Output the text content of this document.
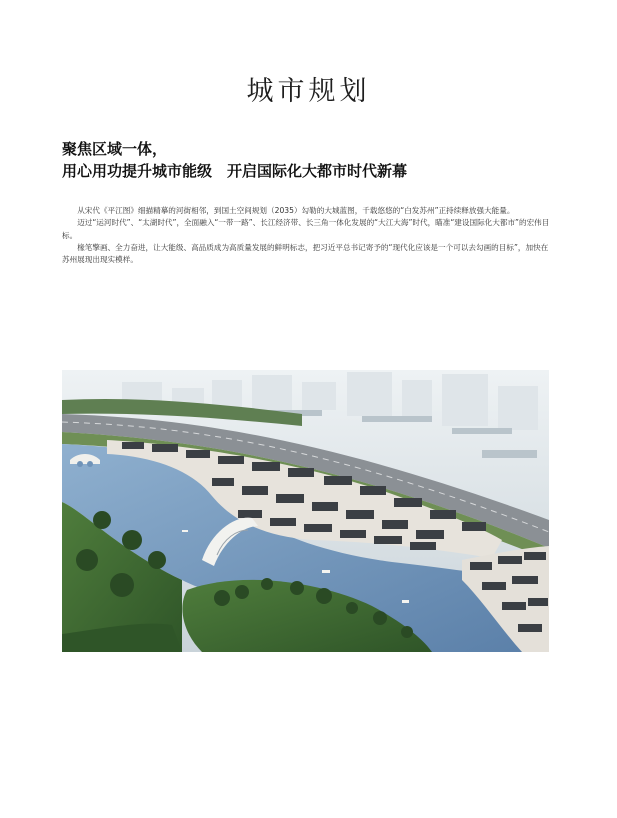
城市规划
聚焦区域一体，
用心用功提升城市能级　开启国际化大都市时代新幕

从宋代《平江图》细描精摹的河街相邻，到国土空间规划（2035）勾勒的大城蓝图，千载悠悠的“白发苏州”正持续释放强大能量。

迈过“运河时代”、“太湖时代”，全面融入“一带一路”、长江经济带、长三角一体化发展的“大江大海”时代，瞄准“建设国际化大都市”的宏伟目标。

椽笔擎画、全力奋进，让大能级、高品质成为高质量发展的鲜明标志，把习近平总书记寄予的“现代化应该是一个可以去勾画的目标”，加快在苏州展现出现实模样。
